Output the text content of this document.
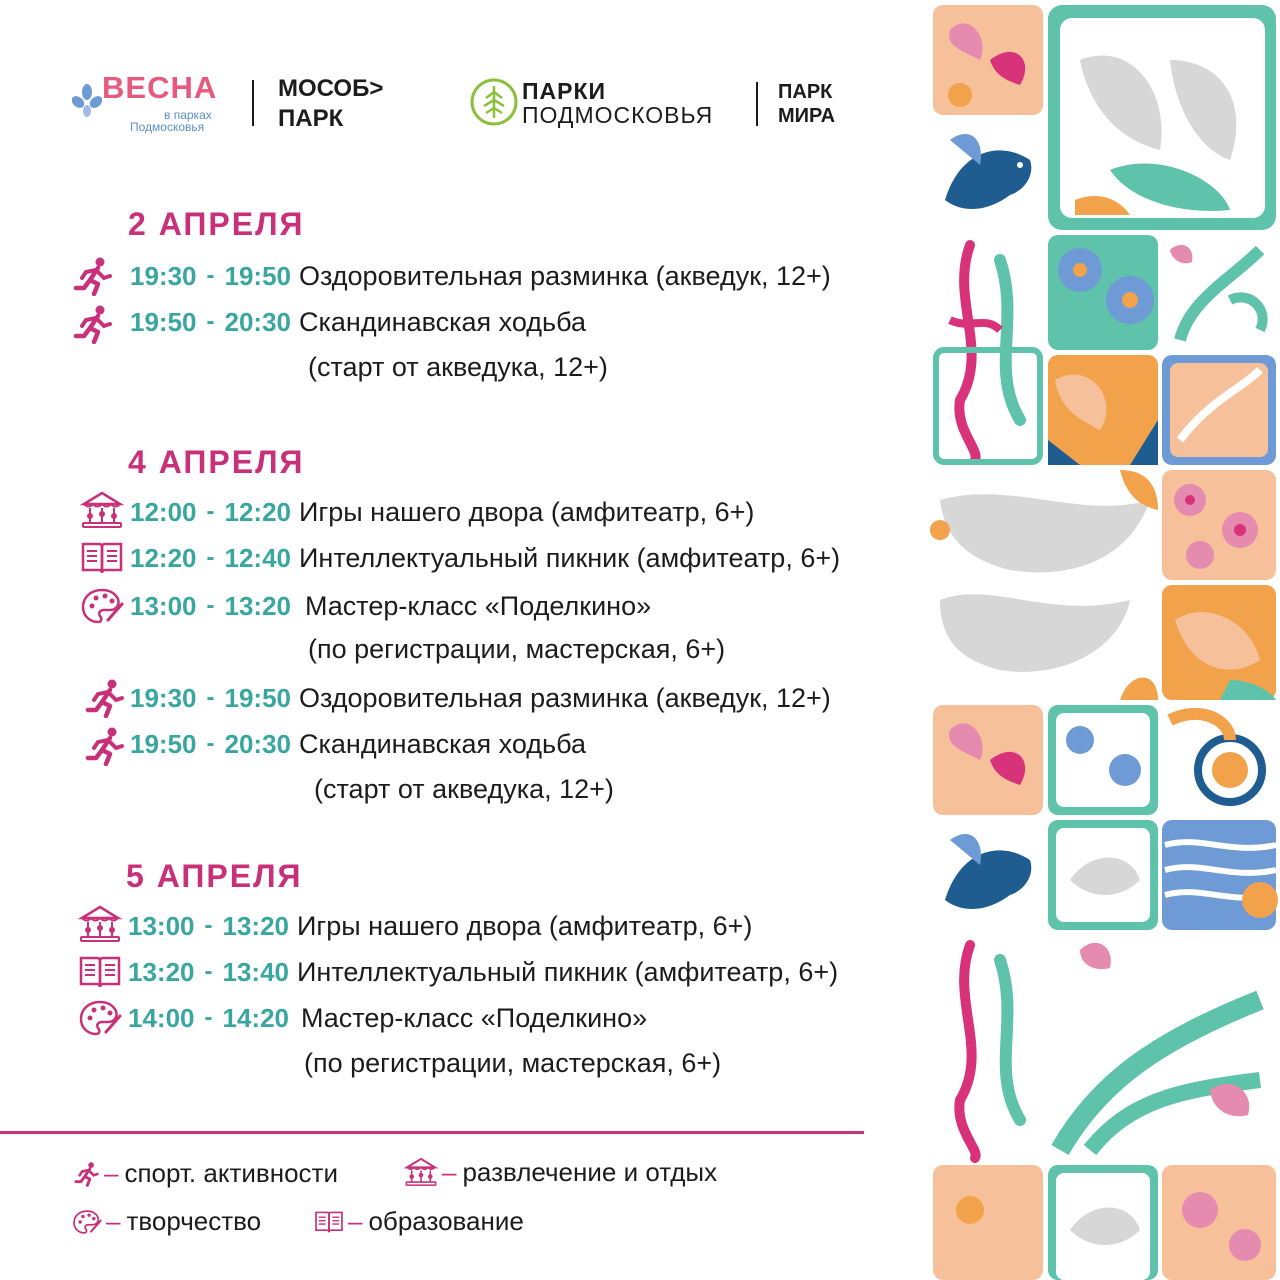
ВЕСНА
в парках
Подмосковья
МОСОБ>
ПАРК
ПАРКИ
ПОДМОСКОВЬЯ
ПАРК
МИРА
2 АПРЕЛЯ
19:30 - 19:50 Оздоровительная разминка (акведук, 12+)
19:50 - 20:30 Скандинавская ходьба
(старт от акведука, 12+)
4 АПРЕЛЯ
12:00 - 12:20 Игры нашего двора (амфитеатр, 6+)
12:20 - 12:40 Интеллектуальный пикник (амфитеатр, 6+)
13:00 - 13:20 Мастер-класс «Поделкино»
(по регистрации, мастерская, 6+)
19:30 - 19:50 Оздоровительная разминка (акведук, 12+)
19:50 - 20:30 Скандинавская ходьба
(старт от акведука, 12+)
5 АПРЕЛЯ
13:00 - 13:20 Игры нашего двора (амфитеатр, 6+)
13:20 - 13:40 Интеллектуальный пикник (амфитеатр, 6+)
14:00 - 14:20 Мастер-класс «Поделкино»
(по регистрации, мастерская, 6+)
– спорт. активности	– развлечение и отдых
– творчество	– образование
